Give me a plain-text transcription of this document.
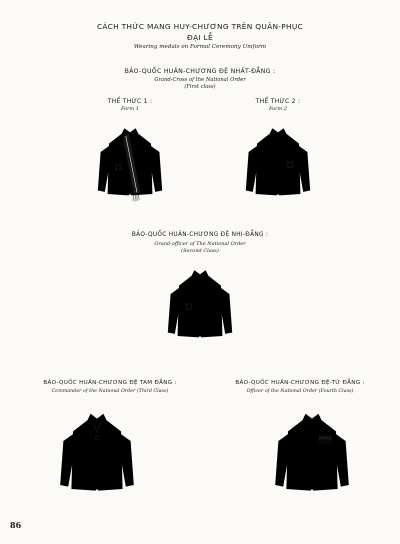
CÁCH THỨC MANG HUY-CHƯƠNG TRÊN QUÂN-PHỤC
ĐẠI LỄ
Wearing medals on Formal Ceremony Uniform
BẢO-QUỐC HUÂN-CHƯƠNG ĐỆ NHẤT-ĐẲNG :
Grand-Cross of the National Order
(First class)
THỂ THỨC 1 :
Form 1
THỂ THỨC 2 :
Form 2
BẢO-QUỐC HUÂN-CHƯƠNG ĐỆ NHỊ-ĐẲNG :
Grand-officer of The National Order
(Second Class)
BẢO-QUỐC HUÂN-CHƯƠNG ĐỆ TAM ĐẲNG :
Commander of the National Order (Third Class)
BẢO-QUỐC HUÂN-CHƯƠNG ĐỆ-TỨ ĐẲNG :
Officer of the National Order (Fourth Class)
86
